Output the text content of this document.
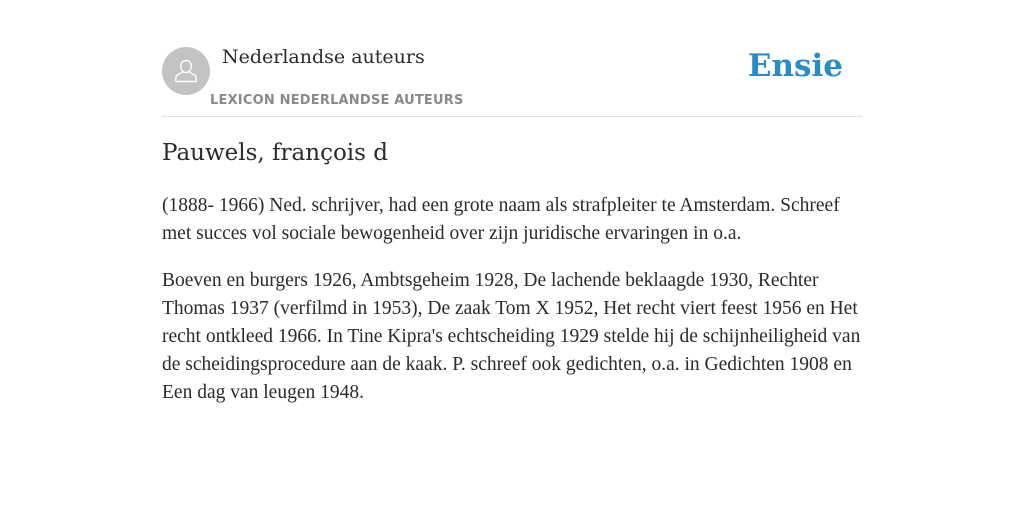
Nederlandse auteurs
LEXICON NEDERLANDSE AUTEURS
Ensie
Pauwels, françois d

(1888- 1966) Ned. schrijver, had een grote naam als strafpleiter te Amsterdam. Schreef met succes vol sociale bewogenheid over zijn juridische ervaringen in o.a.

Boeven en burgers 1926, Ambtsgeheim 1928, De lachende beklaagde 1930, Rechter Thomas 1937 (verfilmd in 1953), De zaak Tom X 1952, Het recht viert feest 1956 en Het recht ontkleed 1966. In Tine Kipra's echtscheiding 1929 stelde hij de schijnheiligheid van de scheidingsprocedure aan de kaak. P. schreef ook gedichten, o.a. in Gedichten 1908 en Een dag van leugen 1948.
